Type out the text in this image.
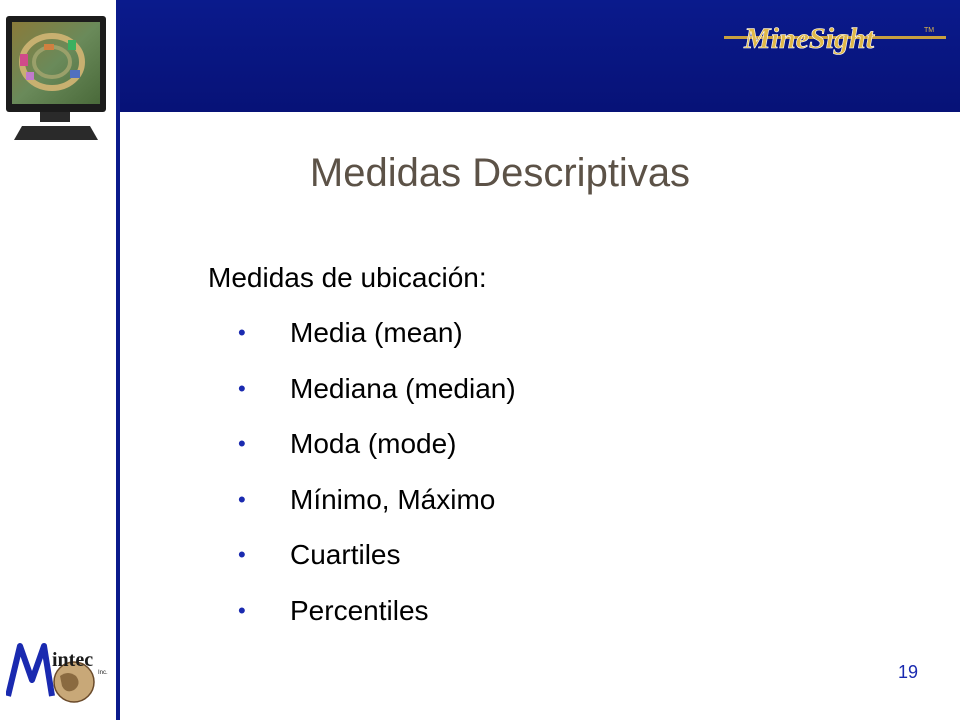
MineSight	TM
Medidas Descriptivas
Medidas de ubicación:
• Media (mean)
• Mediana (median)
• Moda (mode)
• Mínimo, Máximo
• Cuartiles
• Percentiles
intec
Inc.	19
